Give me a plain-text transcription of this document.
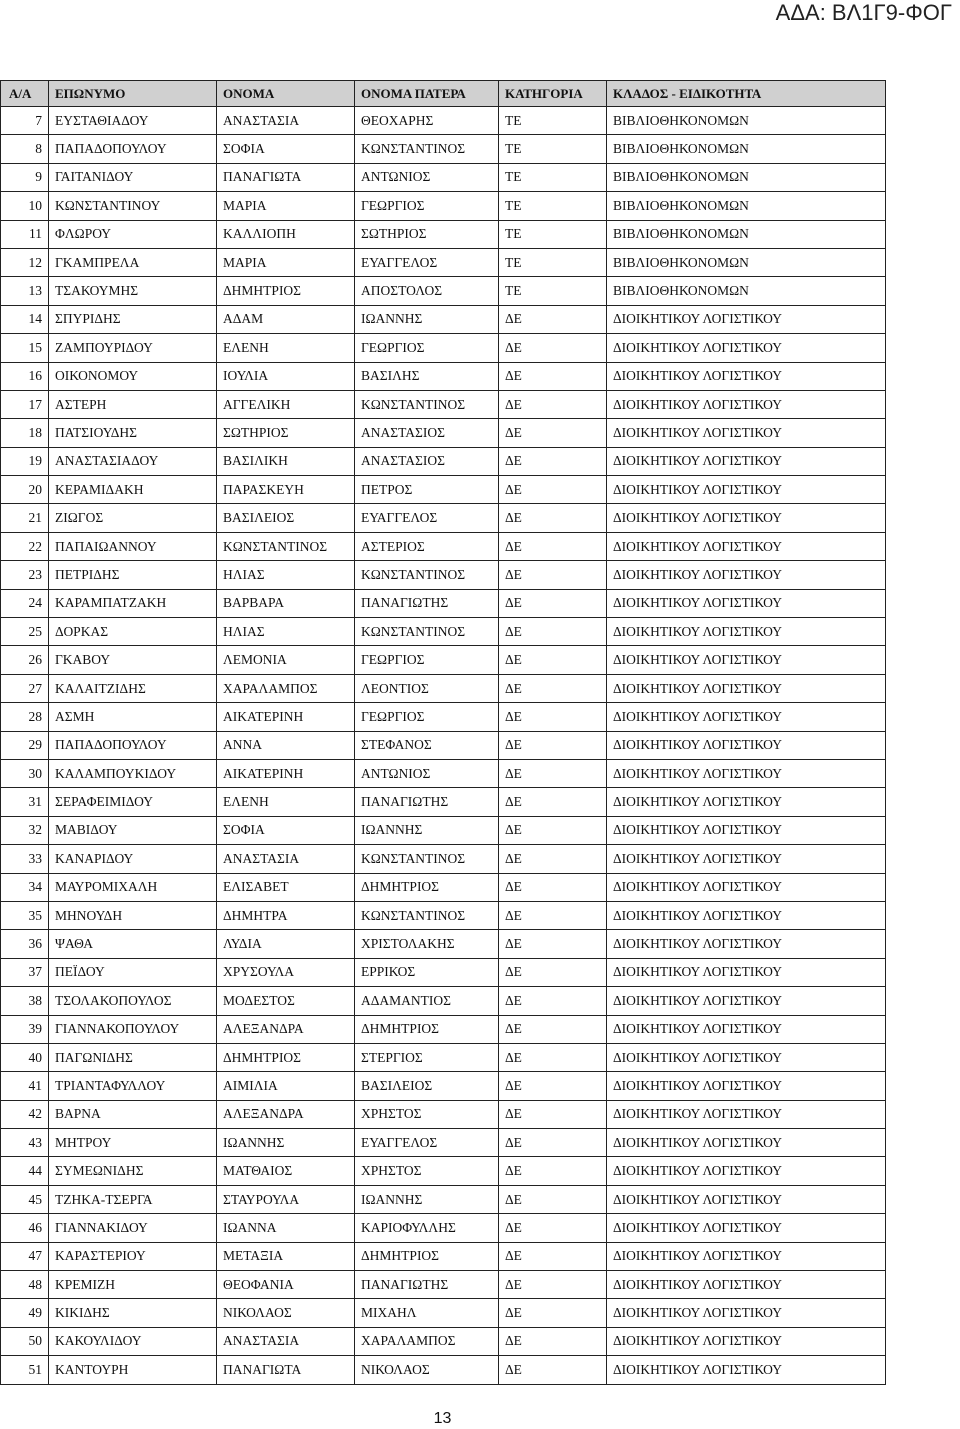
ΑΔΑ: ΒΛ1Γ9-ΦΟΓ
Α/Α	ΕΠΩΝΥΜΟ	ΟΝΟΜΑ	ΟΝΟΜΑ ΠΑΤΕΡΑ	ΚΑΤΗΓΟΡΙΑ	ΚΛΑΔΟΣ - ΕΙΔΙΚΟΤΗΤΑ
7	ΕΥΣΤΑΘΙΑΔΟΥ	ΑΝΑΣΤΑΣΙΑ	ΘΕΟΧΑΡΗΣ	ΤΕ	ΒΙΒΛΙΟΘΗΚΟΝΟΜΩΝ
8	ΠΑΠΑΔΟΠΟΥΛΟΥ	ΣΟΦΙΑ	ΚΩΝΣΤΑΝΤΙΝΟΣ	ΤΕ	ΒΙΒΛΙΟΘΗΚΟΝΟΜΩΝ
9	ΓΑΙΤΑΝΙΔΟΥ	ΠΑΝΑΓΙΩΤΑ	ΑΝΤΩΝΙΟΣ	ΤΕ	ΒΙΒΛΙΟΘΗΚΟΝΟΜΩΝ
10	ΚΩΝΣΤΑΝΤΙΝΟΥ	ΜΑΡΙΑ	ΓΕΩΡΓΙΟΣ	ΤΕ	ΒΙΒΛΙΟΘΗΚΟΝΟΜΩΝ
11	ΦΛΩΡΟΥ	ΚΑΛΛΙΟΠΗ	ΣΩΤΗΡΙΟΣ	ΤΕ	ΒΙΒΛΙΟΘΗΚΟΝΟΜΩΝ
12	ΓΚΑΜΠΡΕΛΑ	ΜΑΡΙΑ	ΕΥΑΓΓΕΛΟΣ	ΤΕ	ΒΙΒΛΙΟΘΗΚΟΝΟΜΩΝ
13	ΤΣΑΚΟΥΜΗΣ	ΔΗΜΗΤΡΙΟΣ	ΑΠΟΣΤΟΛΟΣ	ΤΕ	ΒΙΒΛΙΟΘΗΚΟΝΟΜΩΝ
14	ΣΠΥΡΙΔΗΣ	ΑΔΑΜ	ΙΩΑΝΝΗΣ	ΔΕ	ΔΙΟΙΚΗΤΙΚΟΥ ΛΟΓΙΣΤΙΚΟΥ
15	ΖΑΜΠΟΥΡΙΔΟΥ	ΕΛΕΝΗ	ΓΕΩΡΓΙΟΣ	ΔΕ	ΔΙΟΙΚΗΤΙΚΟΥ ΛΟΓΙΣΤΙΚΟΥ
16	ΟΙΚΟΝΟΜΟΥ	ΙΟΥΛΙΑ	ΒΑΣΙΛΗΣ	ΔΕ	ΔΙΟΙΚΗΤΙΚΟΥ ΛΟΓΙΣΤΙΚΟΥ
17	ΑΣΤΕΡΗ	ΑΓΓΕΛΙΚΗ	ΚΩΝΣΤΑΝΤΙΝΟΣ	ΔΕ	ΔΙΟΙΚΗΤΙΚΟΥ ΛΟΓΙΣΤΙΚΟΥ
18	ΠΑΤΣΙΟΥΔΗΣ	ΣΩΤΗΡΙΟΣ	ΑΝΑΣΤΑΣΙΟΣ	ΔΕ	ΔΙΟΙΚΗΤΙΚΟΥ ΛΟΓΙΣΤΙΚΟΥ
19	ΑΝΑΣΤΑΣΙΑΔΟΥ	ΒΑΣΙΛΙΚΗ	ΑΝΑΣΤΑΣΙΟΣ	ΔΕ	ΔΙΟΙΚΗΤΙΚΟΥ ΛΟΓΙΣΤΙΚΟΥ
20	ΚΕΡΑΜΙΔΑΚΗ	ΠΑΡΑΣΚΕΥΗ	ΠΕΤΡΟΣ	ΔΕ	ΔΙΟΙΚΗΤΙΚΟΥ ΛΟΓΙΣΤΙΚΟΥ
21	ΖΙΩΓΟΣ	ΒΑΣΙΛΕΙΟΣ	ΕΥΑΓΓΕΛΟΣ	ΔΕ	ΔΙΟΙΚΗΤΙΚΟΥ ΛΟΓΙΣΤΙΚΟΥ
22	ΠΑΠΑΙΩΑΝΝΟΥ	ΚΩΝΣΤΑΝΤΙΝΟΣ	ΑΣΤΕΡΙΟΣ	ΔΕ	ΔΙΟΙΚΗΤΙΚΟΥ ΛΟΓΙΣΤΙΚΟΥ
23	ΠΕΤΡΙΔΗΣ	ΗΛΙΑΣ	ΚΩΝΣΤΑΝΤΙΝΟΣ	ΔΕ	ΔΙΟΙΚΗΤΙΚΟΥ ΛΟΓΙΣΤΙΚΟΥ
24	ΚΑΡΑΜΠΑΤΖΑΚΗ	ΒΑΡΒΑΡΑ	ΠΑΝΑΓΙΩΤΗΣ	ΔΕ	ΔΙΟΙΚΗΤΙΚΟΥ ΛΟΓΙΣΤΙΚΟΥ
25	ΔΟΡΚΑΣ	ΗΛΙΑΣ	ΚΩΝΣΤΑΝΤΙΝΟΣ	ΔΕ	ΔΙΟΙΚΗΤΙΚΟΥ ΛΟΓΙΣΤΙΚΟΥ
26	ΓΚΑΒΟΥ	ΛΕΜΟΝΙΑ	ΓΕΩΡΓΙΟΣ	ΔΕ	ΔΙΟΙΚΗΤΙΚΟΥ ΛΟΓΙΣΤΙΚΟΥ
27	ΚΑΛΑΙΤΖΙΔΗΣ	ΧΑΡΑΛΑΜΠΟΣ	ΛΕΟΝΤΙΟΣ	ΔΕ	ΔΙΟΙΚΗΤΙΚΟΥ ΛΟΓΙΣΤΙΚΟΥ
28	ΑΣΜΗ	ΑΙΚΑΤΕΡΙΝΗ	ΓΕΩΡΓΙΟΣ	ΔΕ	ΔΙΟΙΚΗΤΙΚΟΥ ΛΟΓΙΣΤΙΚΟΥ
29	ΠΑΠΑΔΟΠΟΥΛΟΥ	ΑΝΝΑ	ΣΤΕΦΑΝΟΣ	ΔΕ	ΔΙΟΙΚΗΤΙΚΟΥ ΛΟΓΙΣΤΙΚΟΥ
30	ΚΑΛΑΜΠΟΥΚΙΔΟΥ	ΑΙΚΑΤΕΡΙΝΗ	ΑΝΤΩΝΙΟΣ	ΔΕ	ΔΙΟΙΚΗΤΙΚΟΥ ΛΟΓΙΣΤΙΚΟΥ
31	ΣΕΡΑΦΕΙΜΙΔΟΥ	ΕΛΕΝΗ	ΠΑΝΑΓΙΩΤΗΣ	ΔΕ	ΔΙΟΙΚΗΤΙΚΟΥ ΛΟΓΙΣΤΙΚΟΥ
32	ΜΑΒΙΔΟΥ	ΣΟΦΙΑ	ΙΩΑΝΝΗΣ	ΔΕ	ΔΙΟΙΚΗΤΙΚΟΥ ΛΟΓΙΣΤΙΚΟΥ
33	ΚΑΝΑΡΙΔΟΥ	ΑΝΑΣΤΑΣΙΑ	ΚΩΝΣΤΑΝΤΙΝΟΣ	ΔΕ	ΔΙΟΙΚΗΤΙΚΟΥ ΛΟΓΙΣΤΙΚΟΥ
34	ΜΑΥΡΟΜΙΧΑΛΗ	ΕΛΙΣΑΒΕΤ	ΔΗΜΗΤΡΙΟΣ	ΔΕ	ΔΙΟΙΚΗΤΙΚΟΥ ΛΟΓΙΣΤΙΚΟΥ
35	ΜΗΝΟΥΔΗ	ΔΗΜΗΤΡΑ	ΚΩΝΣΤΑΝΤΙΝΟΣ	ΔΕ	ΔΙΟΙΚΗΤΙΚΟΥ ΛΟΓΙΣΤΙΚΟΥ
36	ΨΑΘΑ	ΛΥΔΙΑ	ΧΡΙΣΤΟΛΑΚΗΣ	ΔΕ	ΔΙΟΙΚΗΤΙΚΟΥ ΛΟΓΙΣΤΙΚΟΥ
37	ΠΕΪΔΟΥ	ΧΡΥΣΟΥΛΑ	ΕΡΡΙΚΟΣ	ΔΕ	ΔΙΟΙΚΗΤΙΚΟΥ ΛΟΓΙΣΤΙΚΟΥ
38	ΤΣΟΛΑΚΟΠΟΥΛΟΣ	ΜΟΔΕΣΤΟΣ	ΑΔΑΜΑΝΤΙΟΣ	ΔΕ	ΔΙΟΙΚΗΤΙΚΟΥ ΛΟΓΙΣΤΙΚΟΥ
39	ΓΙΑΝΝΑΚΟΠΟΥΛΟΥ	ΑΛΕΞΑΝΔΡΑ	ΔΗΜΗΤΡΙΟΣ	ΔΕ	ΔΙΟΙΚΗΤΙΚΟΥ ΛΟΓΙΣΤΙΚΟΥ
40	ΠΑΓΩΝΙΔΗΣ	ΔΗΜΗΤΡΙΟΣ	ΣΤΕΡΓΙΟΣ	ΔΕ	ΔΙΟΙΚΗΤΙΚΟΥ ΛΟΓΙΣΤΙΚΟΥ
41	ΤΡΙΑΝΤΑΦΥΛΛΟΥ	ΑΙΜΙΛΙΑ	ΒΑΣΙΛΕΙΟΣ	ΔΕ	ΔΙΟΙΚΗΤΙΚΟΥ ΛΟΓΙΣΤΙΚΟΥ
42	ΒΑΡΝΑ	ΑΛΕΞΑΝΔΡΑ	ΧΡΗΣΤΟΣ	ΔΕ	ΔΙΟΙΚΗΤΙΚΟΥ ΛΟΓΙΣΤΙΚΟΥ
43	ΜΗΤΡΟΥ	ΙΩΑΝΝΗΣ	ΕΥΑΓΓΕΛΟΣ	ΔΕ	ΔΙΟΙΚΗΤΙΚΟΥ ΛΟΓΙΣΤΙΚΟΥ
44	ΣΥΜΕΩΝΙΔΗΣ	ΜΑΤΘΑΙΟΣ	ΧΡΗΣΤΟΣ	ΔΕ	ΔΙΟΙΚΗΤΙΚΟΥ ΛΟΓΙΣΤΙΚΟΥ
45	ΤΖΗΚΑ-ΤΣΕΡΓΑ	ΣΤΑΥΡΟΥΛΑ	ΙΩΑΝΝΗΣ	ΔΕ	ΔΙΟΙΚΗΤΙΚΟΥ ΛΟΓΙΣΤΙΚΟΥ
46	ΓΙΑΝΝΑΚΙΔΟΥ	ΙΩΑΝΝΑ	ΚΑΡΙΟΦΥΛΛΗΣ	ΔΕ	ΔΙΟΙΚΗΤΙΚΟΥ ΛΟΓΙΣΤΙΚΟΥ
47	ΚΑΡΑΣΤΕΡΙΟΥ	ΜΕΤΑΞΙΑ	ΔΗΜΗΤΡΙΟΣ	ΔΕ	ΔΙΟΙΚΗΤΙΚΟΥ ΛΟΓΙΣΤΙΚΟΥ
48	ΚΡΕΜΙΖΗ	ΘΕΟΦΑΝΙΑ	ΠΑΝΑΓΙΩΤΗΣ	ΔΕ	ΔΙΟΙΚΗΤΙΚΟΥ ΛΟΓΙΣΤΙΚΟΥ
49	ΚΙΚΙΔΗΣ	ΝΙΚΟΛΑΟΣ	ΜΙΧΑΗΛ	ΔΕ	ΔΙΟΙΚΗΤΙΚΟΥ ΛΟΓΙΣΤΙΚΟΥ
50	ΚΑΚΟΥΛΙΔΟΥ	ΑΝΑΣΤΑΣΙΑ	ΧΑΡΑΛΑΜΠΟΣ	ΔΕ	ΔΙΟΙΚΗΤΙΚΟΥ ΛΟΓΙΣΤΙΚΟΥ
51	ΚΑΝΤΟΥΡΗ	ΠΑΝΑΓΙΩΤΑ	ΝΙΚΟΛΑΟΣ	ΔΕ	ΔΙΟΙΚΗΤΙΚΟΥ ΛΟΓΙΣΤΙΚΟΥ
13
